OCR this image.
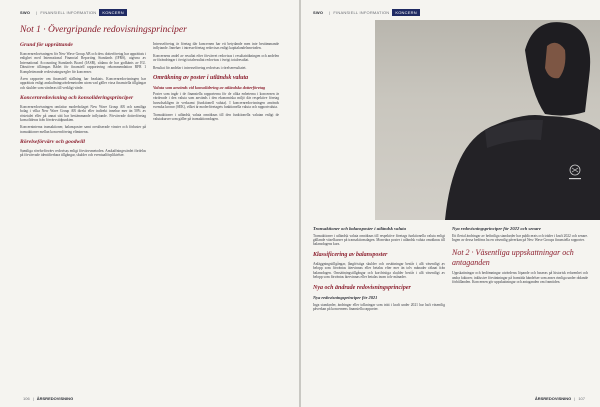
SWO | FINANSIELL INFORMATION	KONCERN
Not 1 · Övergripande redovisningsprinciper
Grund för upprättande

Koncernredovisningen för New Wave Group AB och dess dotterföretag har upprättats i enlighet med International Financial Reporting Standards (IFRS), utgivna av International Accounting Standards Board (IASB), sådana de har godkänts av EU. Därutöver tillämpas Rådet för finansiell rapportering rekommendation RFR 1 Kompletterande redovisningsregler för koncerner.

Även rapporter om finansiell ställning har beaktats. Koncernredovisningen har upprättats enligt anskaffningsvärdemetoden utom vad gäller vissa finansiella tillgångar och skulder som värderas till verkligt värde.

Koncernredovisning och konsolideringsprinciper

Koncernredovisningen omfattar moderbolaget New Wave Group AB och samtliga bolag i vilka New Wave Group AB direkt eller indirekt innehar mer än 50% av röstetalet eller på annat sätt har bestämmande inflytande. Förvärvade dotterföretag konsolideras från förvärvstidpunkten.

Koncerninterna transaktioner, balansposter samt orealiserade vinster och förluster på transaktioner mellan koncernföretag elimineras.

Rörelseförvärv och goodwill

Samtliga rörelseförvärv redovisas enligt förvärvsmetoden. Anskaffningsvärdet fördelas på förvärvade identifierbara tillgångar, skulder och eventualförpliktelser.

Intresseföretag är företag där koncernen har ett betydande men inte bestämmande inflytande. Innehav i intresseföretag redovisas enligt kapitalandelsmetoden.

Koncernens andel av resultat efter förvärvet redovisas i resultaträkningen och andelen av förändringar i övrigt totalresultat redovisas i övrigt totalresultat.

Resultat för andelar i intresseföretag redovisas i rörelseresultatet.

Omräkning av poster i utländsk valuta
Valuta som används vid konsolidering av utländska dotterföretag

Poster som ingår i de finansiella rapporterna för de olika enheterna i koncernen är värderade i den valuta som används i den ekonomiska miljö där respektive företag huvudsakligen är verksamt (funktionell valuta). I koncernredovisningen används svenska kronor (SEK), vilket är moderföretagets funktionella valuta och rapportvaluta.

Transaktioner i utländsk valuta omräknas till den funktionella valutan enligt de valutakurser som gäller på transaktionsdagen.

106 | ÅRSREDOVISNING
SWO | FINANSIELL INFORMATION	KONCERN
Transaktioner och balansposter i utländsk valuta

Transaktioner i utländsk valuta omräknas till respektive företags funktionella valuta enligt gällande växelkurser på transaktionsdagen. Monetära poster i utländsk valuta omräknas till balansdagens kurs.

Klassificering av balansposter

Anläggningstillgångar, långfristiga skulder och avsättningar består i allt väsentligt av belopp som förväntas återvinnas eller betalas efter mer än tolv månader räknat från balansdagen. Omsättningstillgångar och kortfristiga skulder består i allt väsentligt av belopp som förväntas återvinnas eller betalas inom tolv månader.

Nya och ändrade redovisningsprinciper
Nya redovisningsprinciper för 2021

Inga standarder, ändringar eller tolkningar som trätt i kraft under 2021 har haft väsentlig påverkan på koncernens finansiella rapporter.

Nya redovisningsprinciper för 2022 och senare

Ett flertal ändringar av befintliga standarder har publicerats och träder i kraft 2022 och senare. Ingen av dessa bedöms ha en väsentlig påverkan på New Wave Groups finansiella rapporter.

Not 2 · Väsentliga uppskattningar och antaganden

Uppskattningar och bedömningar utvärderas löpande och baseras på historisk erfarenhet och andra faktorer, inklusive förväntningar på framtida händelser som anses rimliga under rådande förhållanden. Koncernen gör uppskattningar och antaganden om framtiden.

ÅRSREDOVISNING | 107
